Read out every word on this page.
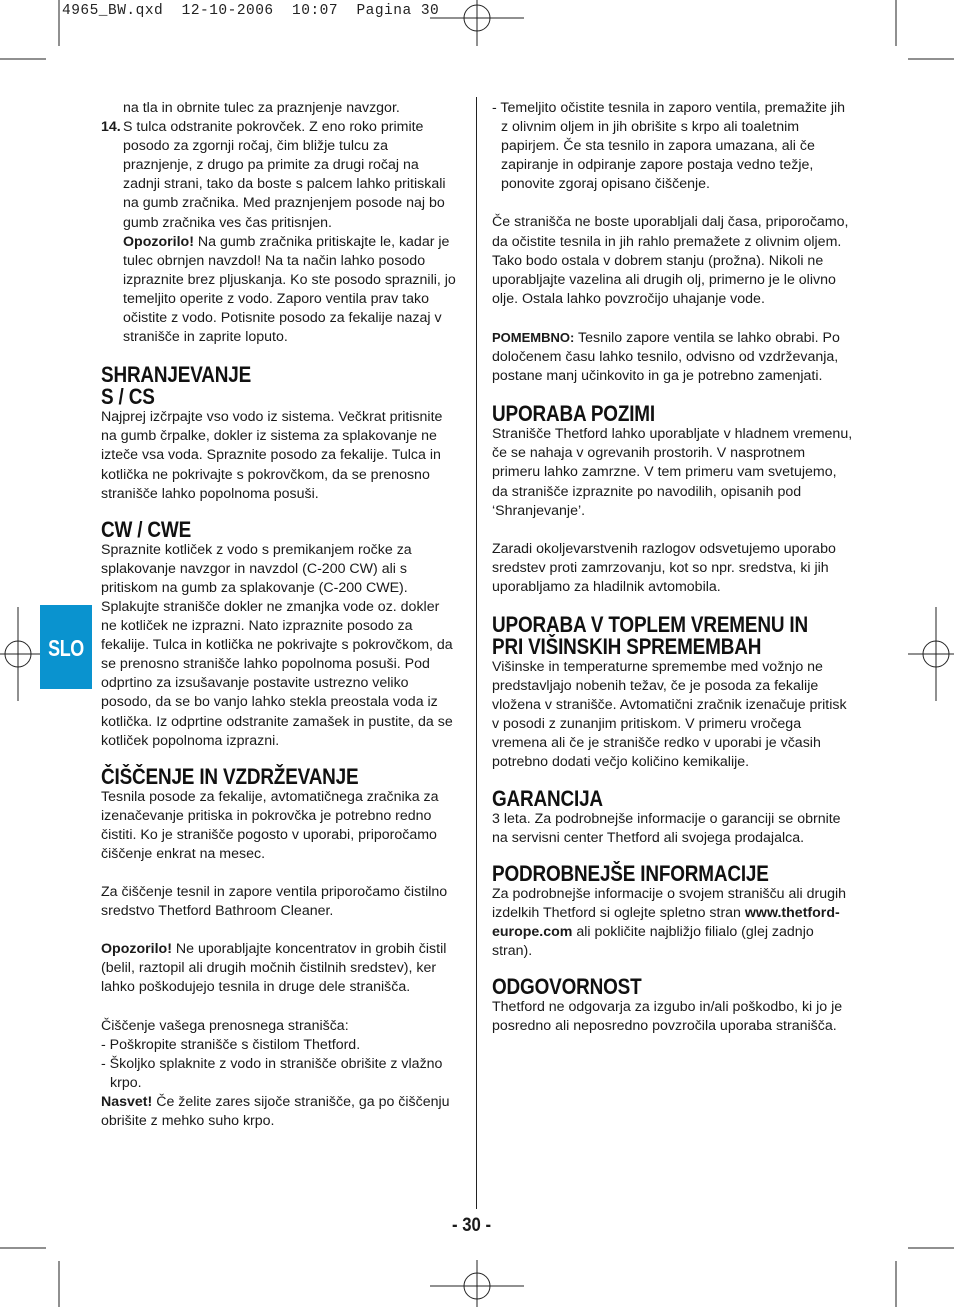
4965_BW.qxd  12-10-2006  10:07  Pagina 30
SLO

na tla in obrnite tulec za praznjenje navzgor.

14. S tulca odstranite pokrovček. Z eno roko primite posodo za zgornji ročaj, čim bližje tulcu za praznjenje, z drugo pa primite za drugi ročaj na zadnji strani, tako da boste s palcem lahko pritiskali na gumb zračnika. Med praznjenjem posode naj bo gumb zračnika ves čas pritisnjen.

Opozorilo! Na gumb zračnika pritiskajte le, kadar je tulec obrnjen navzdol! Na ta način lahko posodo izpraznite brez pljuskanja. Ko ste posodo spraznili, jo temeljito operite z vodo. Zaporo ventila prav tako očistite z vodo. Potisnite posodo za fekalije nazaj v stranišče in zaprite loputo.

SHRANJEVANJE
S / CS

Najprej izčrpajte vso vodo iz sistema. Večkrat pritisnite na gumb črpalke, dokler iz sistema za splakovanje ne izteče vsa voda. Spraznite posodo za fekalije. Tulca in kotlička ne pokrivajte s pokrovčkom, da se prenosno stranišče lahko popolnoma posuši.

CW / CWE

Spraznite kotliček z vodo s premikanjem ročke za splakovanje navzgor in navzdol (C-200 CW) ali s pritiskom na gumb za splakovanje (C-200 CWE). Splakujte stranišče dokler ne zmanjka vode oz. dokler ne kotliček ne izprazni. Nato izpraznite posodo za fekalije. Tulca in kotlička ne pokrivajte s pokrovčkom, da se prenosno stranišče lahko popolnoma posuši. Pod odprtino za izsušavanje postavite ustrezno veliko posodo, da se bo vanjo lahko stekla preostala voda iz kotlička. Iz odprtine odstranite zamašek in pustite, da se kotliček popolnoma izprazni.

ČIŠČENJE IN VZDRŽEVANJE

Tesnila posode za fekalije, avtomatičnega zračnika za izenačevanje pritiska in pokrovčka je potrebno redno čistiti. Ko je stranišče pogosto v uporabi, priporočamo čiščenje enkrat na mesec.

Za čiščenje tesnil in zapore ventila priporočamo čistilno sredstvo Thetford Bathroom Cleaner.

Opozorilo! Ne uporabljajte koncentratov in grobih čistil (belil, raztopil ali drugih močnih čistilnih sredstev), ker lahko poškodujejo tesnila in druge dele stranišča.

Čiščenje vašega prenosnega stranišča:

- Poškropite stranišče s čistilom Thetford.

- Školjko splaknite z vodo in stranišče obrišite z vlažno krpo.

Nasvet! Če želite zares sijoče stranišče, ga po čiščenju obrišite z mehko suho krpo.

- Temeljito očistite tesnila in zaporo ventila, premažite jih z olivnim oljem in jih obrišite s krpo ali toaletnim papirjem. Če sta tesnilo in zapora umazana, ali če zapiranje in odpiranje zapore postaja vedno težje, ponovite zgoraj opisano čiščenje.

Če stranišča ne boste uporabljali dalj časa, priporočamo, da očistite tesnila in jih rahlo premažete z olivnim oljem. Tako bodo ostala v dobrem stanju (prožna). Nikoli ne uporabljajte vazelina ali drugih olj, primerno je le olivno olje. Ostala lahko povzročijo uhajanje vode.

POMEMBNO: Tesnilo zapore ventila se lahko obrabi. Po določenem času lahko tesnilo, odvisno od vzdrževanja, postane manj učinkovito in ga je potrebno zamenjati.

UPORABA POZIMI

Stranišče Thetford lahko uporabljate v hladnem vremenu, če se nahaja v ogrevanih prostorih. V nasprotnem primeru lahko zamrzne. V tem primeru vam svetujemo, da stranišče izpraznite po navodilih, opisanih pod ‘Shranjevanje’.

Zaradi okoljevarstvenih razlogov odsvetujemo uporabo sredstev proti zamrzovanju, kot so npr. sredstva, ki jih uporabljamo za hladilnik avtomobila.

UPORABA V TOPLEM VREMENU IN
PRI VIŠINSKIH SPREMEMBAH

Višinske in temperaturne spremembe med vožnjo ne predstavljajo nobenih težav, če je posoda za fekalije vložena v stranišče. Avtomatični zračnik izenačuje pritisk v posodi z zunanjim pritiskom. V primeru vročega vremena ali če je stranišče redko v uporabi je včasih potrebno dodati večjo količino kemikalije.

GARANCIJA

3 leta. Za podrobnejše informacije o garanciji se obrnite na servisni center Thetford ali svojega prodajalca.

PODROBNEJŠE INFORMACIJE

Za podrobnejše informacije o svojem stranišču ali drugih izdelkih Thetford si oglejte spletno stran www.thetford-europe.com ali pokličite najbližjo filialo (glej zadnjo stran).

ODGOVORNOST

Thetford ne odgovarja za izgubo in/ali poškodbo, ki jo je posredno ali neposredno povzročila uporaba stranišča.

- 30 -
